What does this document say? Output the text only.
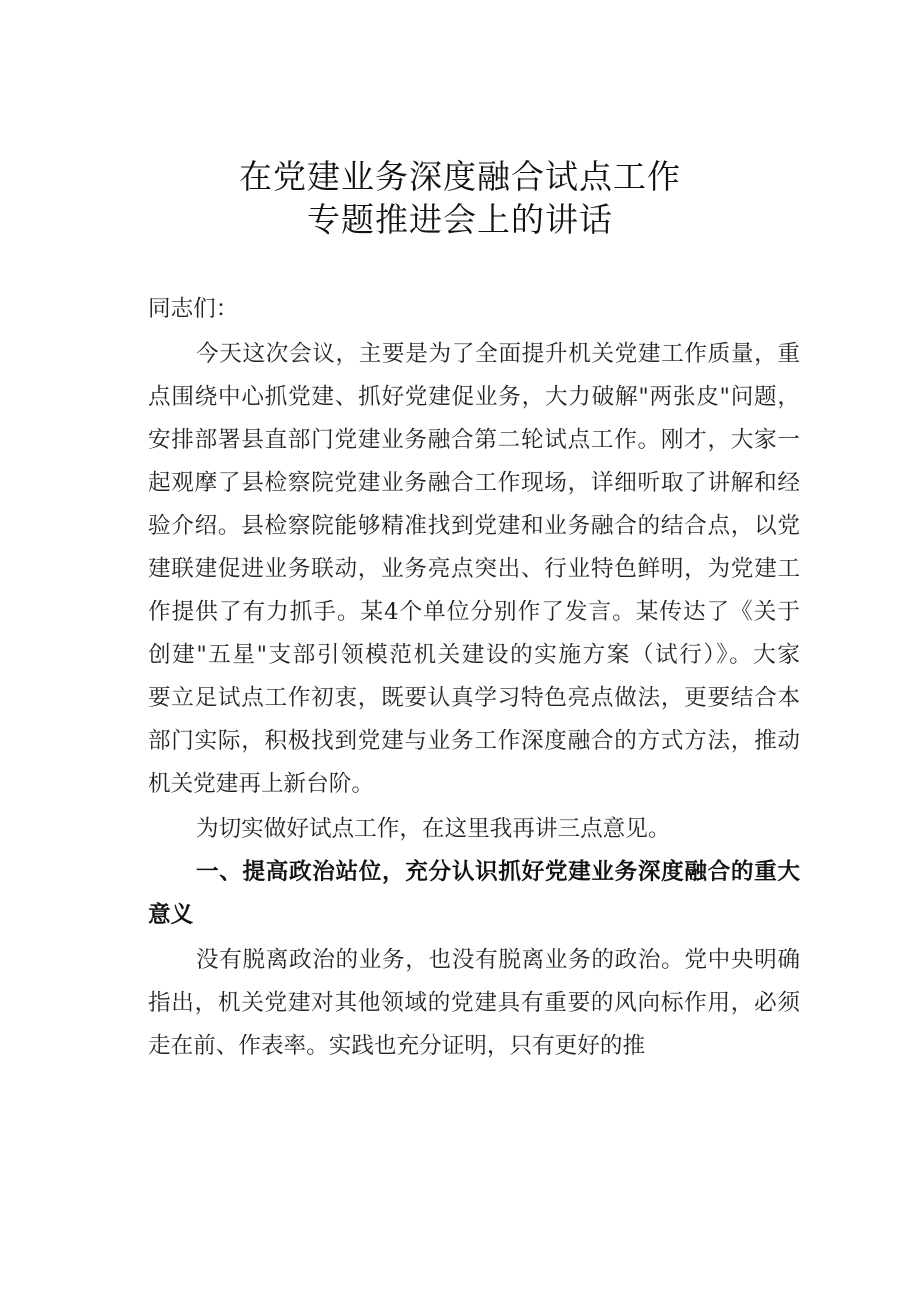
在党建业务深度融合试点工作
专题推进会上的讲话
同志们：
今天这次会议，主要是为了全面提升机关党建工作质量，重
点围绕中心抓党建、抓好党建促业务，大力破解"两张皮"问题，
安排部署县直部门党建业务融合第二轮试点工作。刚才，大家一
起观摩了县检察院党建业务融合工作现场，详细听取了讲解和经
验介绍。县检察院能够精准找到党建和业务融合的结合点，以党
建联建促进业务联动，业务亮点突出、行业特色鲜明，为党建工
作提供了有力抓手。某4个单位分别作了发言。某传达了《关于
创建"五星"支部引领模范机关建设的实施方案（试行）》。大家
要立足试点工作初衷，既要认真学习特色亮点做法，更要结合本
部门实际，积极找到党建与业务工作深度融合的方式方法，推动
机关党建再上新台阶。
为切实做好试点工作，在这里我再讲三点意见。
一、提高政治站位，充分认识抓好党建业务深度融合的重大
意义
没有脱离政治的业务，也没有脱离业务的政治。党中央明确
指出，机关党建对其他领域的党建具有重要的风向标作用，必须
走在前、作表率。实践也充分证明，只有更好的推
